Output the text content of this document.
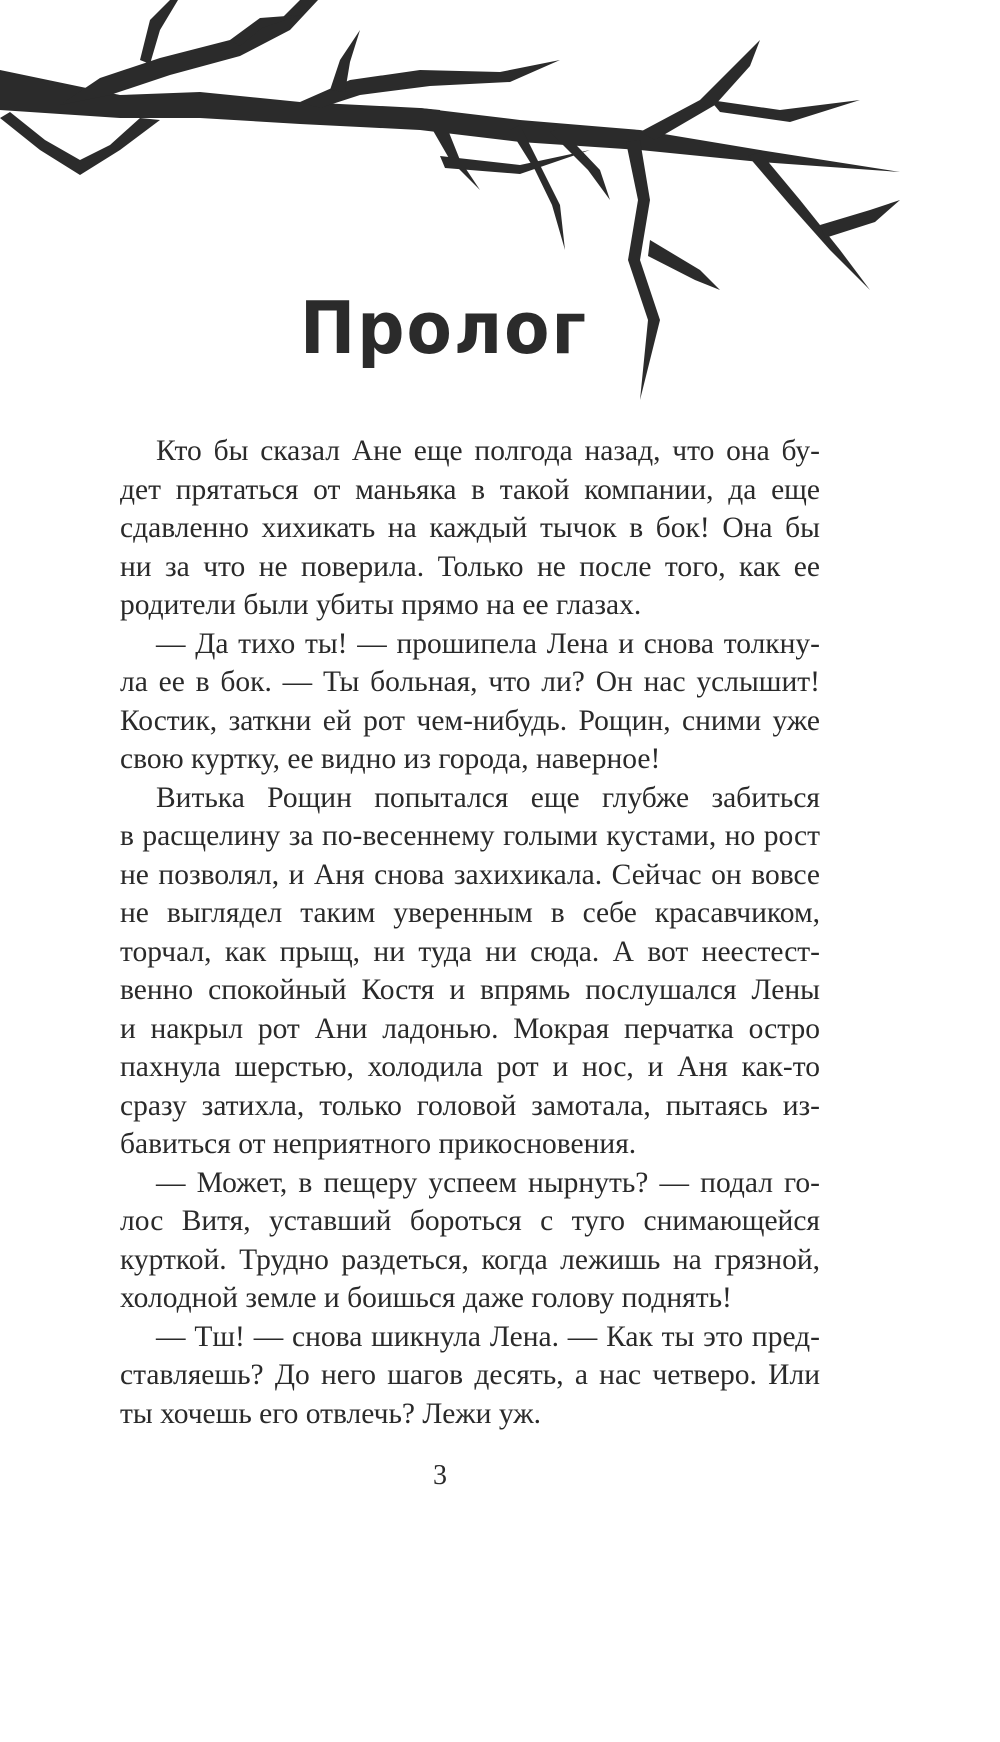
Пролог
Кто бы сказал Ане еще полгода назад, что она бу-
дет прятаться от маньяка в такой компании, да еще
сдавленно хихикать на каждый тычок в бок! Она бы
ни за что не поверила. Только не после того, как ее
родители были убиты прямо на ее глазах.
— Да тихо ты! — прошипела Лена и снова толкну-
ла ее в бок. — Ты больная, что ли? Он нас услышит!
Костик, заткни ей рот чем-нибудь. Рощин, сними уже
свою куртку, ее видно из города, наверное!
Витька Рощин попытался еще глубже забиться
в расщелину за по-весеннему голыми кустами, но рост
не позволял, и Аня снова захихикала. Сейчас он вовсе
не выглядел таким уверенным в себе красавчиком,
торчал, как прыщ, ни туда ни сюда. А вот неестест-
венно спокойный Костя и впрямь послушался Лены
и накрыл рот Ани ладонью. Мокрая перчатка остро
пахнула шерстью, холодила рот и нос, и Аня как-то
сразу затихла, только головой замотала, пытаясь из-
бавиться от неприятного прикосновения.
— Может, в пещеру успеем нырнуть? — подал го-
лос Витя, уставший бороться с туго снимающейся
курткой. Трудно раздеться, когда лежишь на грязной,
холодной земле и боишься даже голову поднять!
— Тш! — снова шикнула Лена. — Как ты это пред-
ставляешь? До него шагов десять, а нас четверо. Или
ты хочешь его отвлечь? Лежи уж.
3
